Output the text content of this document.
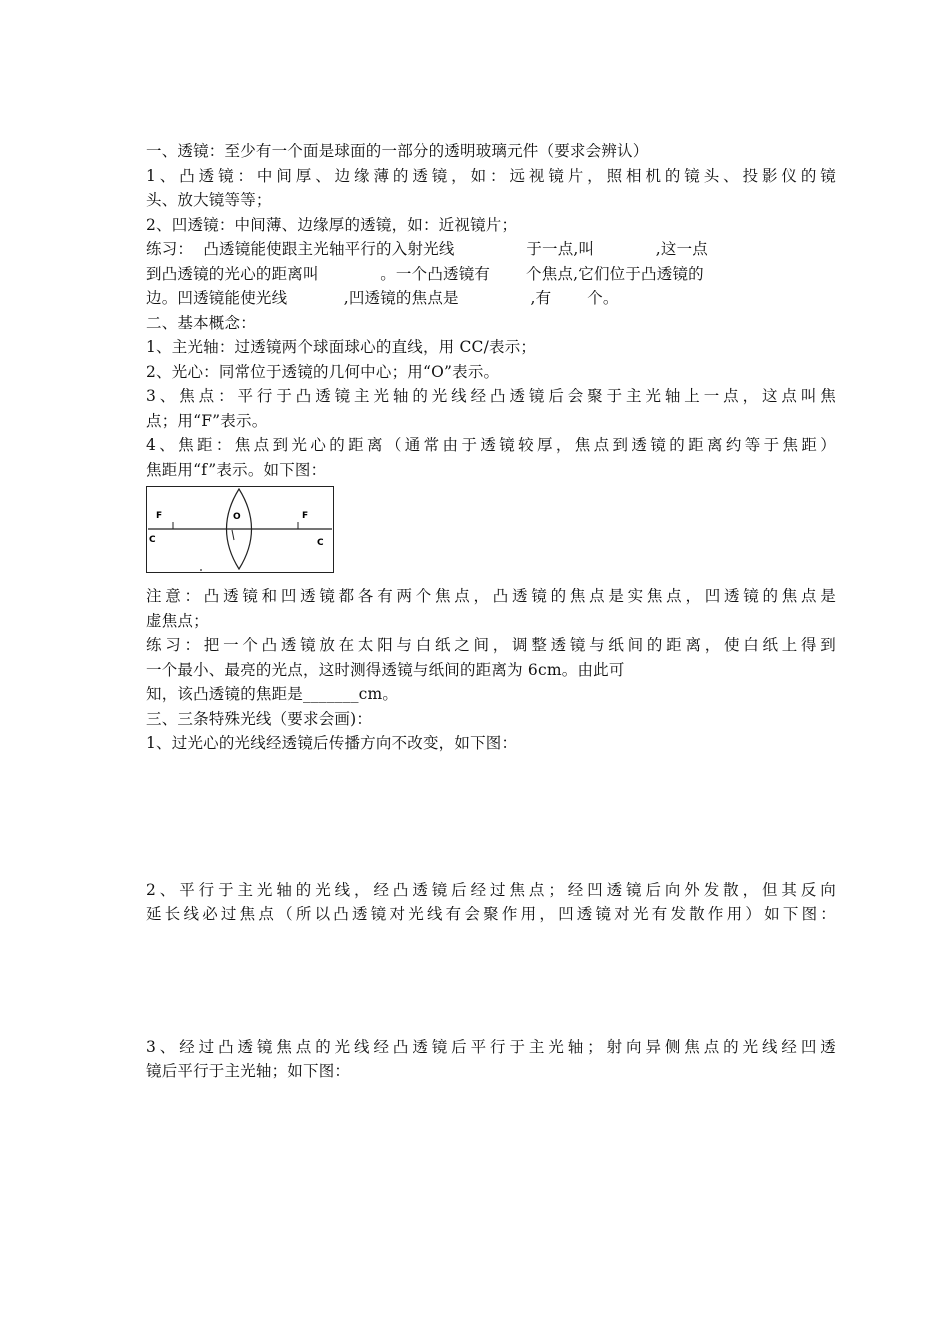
一、透镜：至少有一个面是球面的一部分的透明玻璃元件（要求会辨认）
1、凸透镜：中间厚、边缘薄的透镜，如：远视镜片，照相机的镜头、投影仪的镜
头、放大镜等等；
2、凹透镜：中间薄、边缘厚的透镜，如：近视镜片；
练习：  凸透镜能使跟主光轴平行的入射光线              于一点,叫            ,这一点
到凸透镜的光心的距离叫            。一个凸透镜有       个焦点,它们位于凸透镜的
边。凹透镜能使光线           ,凹透镜的焦点是              ,有       个。
二、基本概念：
1、主光轴：过透镜两个球面球心的直线，用 CC/表示；
2、光心：同常位于透镜的几何中心；用“O”表示。
3、焦点：平行于凸透镜主光轴的光线经凸透镜后会聚于主光轴上一点，这点叫焦
点；用“F”表示。
4、焦距：焦点到光心的距离（通常由于透镜较厚，焦点到透镜的距离约等于焦距）
焦距用“f”表示。如下图：
F	F
C	C
O
注意：凸透镜和凹透镜都各有两个焦点，凸透镜的焦点是实焦点，凹透镜的焦点是
虚焦点；
练习：把一个凸透镜放在太阳与白纸之间，调整透镜与纸间的距离，使白纸上得到
一个最小、最亮的光点，这时测得透镜与纸间的距离为 6cm。由此可
知，该凸透镜的焦距是_______cm。
三、三条特殊光线（要求会画)：
1、过光心的光线经透镜后传播方向不改变，如下图：
2、平行于主光轴的光线，经凸透镜后经过焦点；经凹透镜后向外发散，但其反向
延长线必过焦点（所以凸透镜对光线有会聚作用，凹透镜对光有发散作用）如下图：
3、经过凸透镜焦点的光线经凸透镜后平行于主光轴；射向异侧焦点的光线经凹透
镜后平行于主光轴；如下图：
